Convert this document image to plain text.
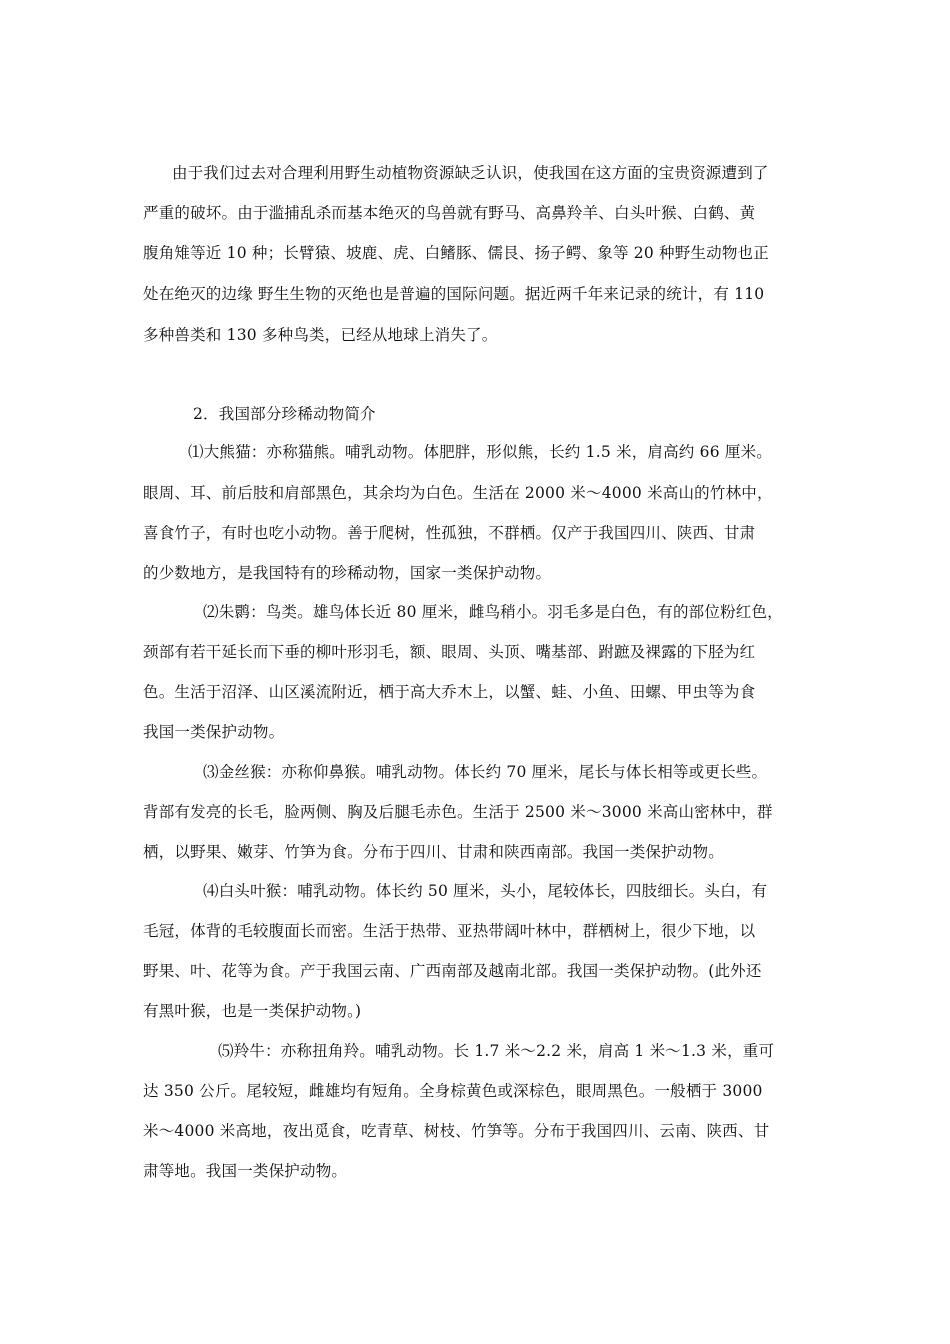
由于我们过去对合理利用野生动植物资源缺乏认识，使我国在这方面的宝贵资源遭到了
严重的破坏。由于滥捕乱杀而基本绝灭的鸟兽就有野马、高鼻羚羊、白头叶猴、白鹤、黄
腹角雉等近 10 种；长臂猿、坡鹿、虎、白鳍豚、儒艮、扬子鳄、象等 20 种野生动物也正
处在绝灭的边缘 野生生物的灭绝也是普遍的国际问题。据近两千年来记录的统计，有 110
多种兽类和 130 多种鸟类，已经从地球上消失了。
2．我国部分珍稀动物简介
⑴大熊猫：亦称猫熊。哺乳动物。体肥胖，形似熊，长约 1.5 米，肩高约 66 厘米。
眼周、耳、前后肢和肩部黑色，其余均为白色。生活在 2000 米～4000 米高山的竹林中，
喜食竹子，有时也吃小动物。善于爬树，性孤独，不群栖。仅产于我国四川、陕西、甘肃
的少数地方，是我国特有的珍稀动物，国家一类保护动物。
⑵朱鹮：鸟类。雄鸟体长近 80 厘米，雌鸟稍小。羽毛多是白色，有的部位粉红色，
颈部有若干延长而下垂的柳叶形羽毛，额、眼周、头顶、嘴基部、跗蹠及裸露的下胫为红
色。生活于沼泽、山区溪流附近，栖于高大乔木上，以蟹、蛙、小鱼、田螺、甲虫等为食
我国一类保护动物。
⑶金丝猴：亦称仰鼻猴。哺乳动物。体长约 70 厘米，尾长与体长相等或更长些。
背部有发亮的长毛，脸两侧、胸及后腿毛赤色。生活于 2500 米～3000 米高山密林中，群
栖，以野果、嫩芽、竹笋为食。分布于四川、甘肃和陕西南部。我国一类保护动物。
⑷白头叶猴：哺乳动物。体长约 50 厘米，头小，尾较体长，四肢细长。头白，有
毛冠，体背的毛较腹面长而密。生活于热带、亚热带阔叶林中，群栖树上，很少下地，以
野果、叶、花等为食。产于我国云南、广西南部及越南北部。我国一类保护动物。(此外还
有黑叶猴，也是一类保护动物。)
⑸羚牛：亦称扭角羚。哺乳动物。长 1.7 米～2.2 米，肩高 1 米～1.3 米，重可
达 350 公斤。尾较短，雌雄均有短角。全身棕黄色或深棕色，眼周黑色。一般栖于 3000
米～4000 米高地，夜出觅食，吃青草、树枝、竹笋等。分布于我国四川、云南、陕西、甘
肃等地。我国一类保护动物。
